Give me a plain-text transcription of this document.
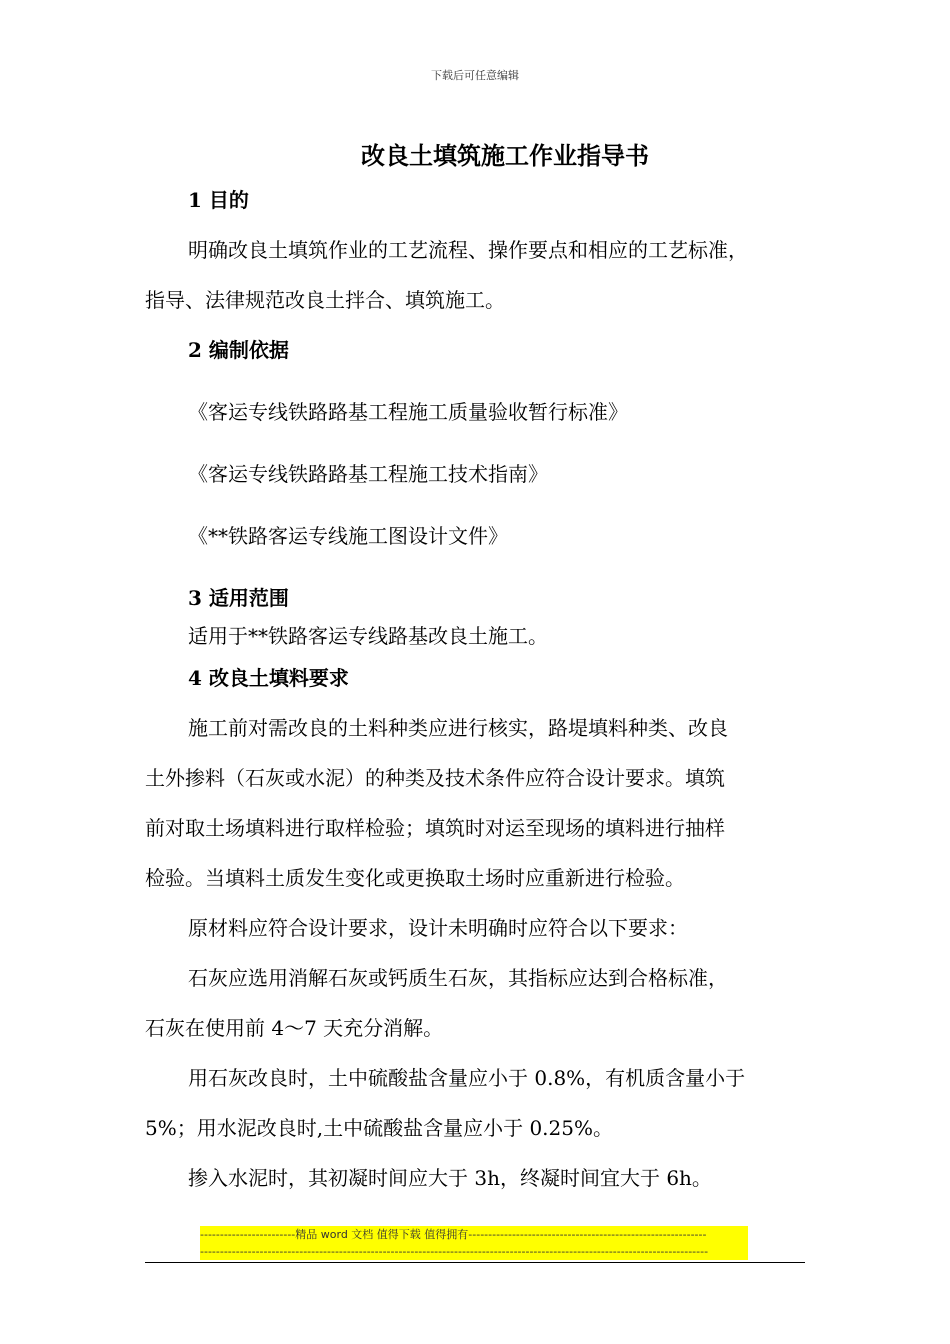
下载后可任意编辑
改良土填筑施工作业指导书
1 目的
明确改良土填筑作业的工艺流程、操作要点和相应的工艺标准，
指导、法律规范改良土拌合、填筑施工。
2 编制依据
《客运专线铁路路基工程施工质量验收暂行标准》
《客运专线铁路路基工程施工技术指南》
《**铁路客运专线施工图设计文件》
3 适用范围
适用于**铁路客运专线路基改良土施工。
4 改良土填料要求
施工前对需改良的土料种类应进行核实，路堤填料种类、改良
土外掺料（石灰或水泥）的种类及技术条件应符合设计要求。填筑
前对取土场填料进行取样检验；填筑时对运至现场的填料进行抽样
检验。当填料土质发生变化或更换取土场时应重新进行检验。
原材料应符合设计要求，设计未明确时应符合以下要求：
石灰应选用消解石灰或钙质生石灰，其指标应达到合格标准，
石灰在使用前 4～7 天充分消解。
用石灰改良时，土中硫酸盐含量应小于 0.8%，有机质含量小于
5%；用水泥改良时,土中硫酸盐含量应小于 0.25%。
掺入水泥时，其初凝时间应大于 3h，终凝时间宜大于 6h。
------------------------精品 word 文档 值得下载 值得拥有------------------------------------------------------------
--------------------------------------------------------------------------------------------------------------------------------
